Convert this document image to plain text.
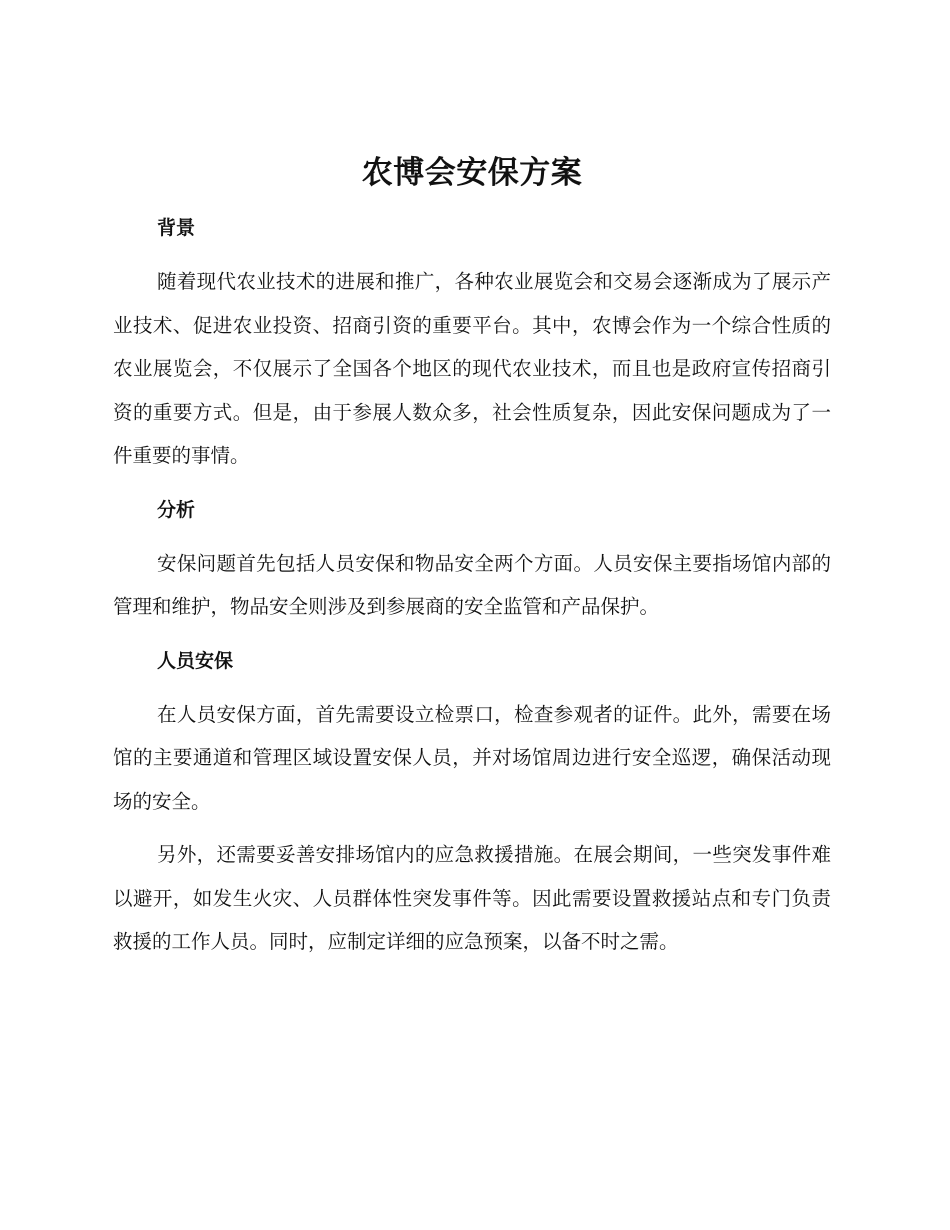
农博会安保方案
背景

随着现代农业技术的进展和推广，各种农业展览会和交易会逐渐成为了展示产业技术、促进农业投资、招商引资的重要平台。其中，农博会作为一个综合性质的农业展览会，不仅展示了全国各个地区的现代农业技术，而且也是政府宣传招商引资的重要方式。但是，由于参展人数众多，社会性质复杂，因此安保问题成为了一件重要的事情。

分析

安保问题首先包括人员安保和物品安全两个方面。人员安保主要指场馆内部的管理和维护，物品安全则涉及到参展商的安全监管和产品保护。

人员安保

在人员安保方面，首先需要设立检票口，检查参观者的证件。此外，需要在场馆的主要通道和管理区域设置安保人员，并对场馆周边进行安全巡逻，确保活动现场的安全。

另外，还需要妥善安排场馆内的应急救援措施。在展会期间，一些突发事件难以避开，如发生火灾、人员群体性突发事件等。因此需要设置救援站点和专门负责救援的工作人员。同时，应制定详细的应急预案，以备不时之需。
